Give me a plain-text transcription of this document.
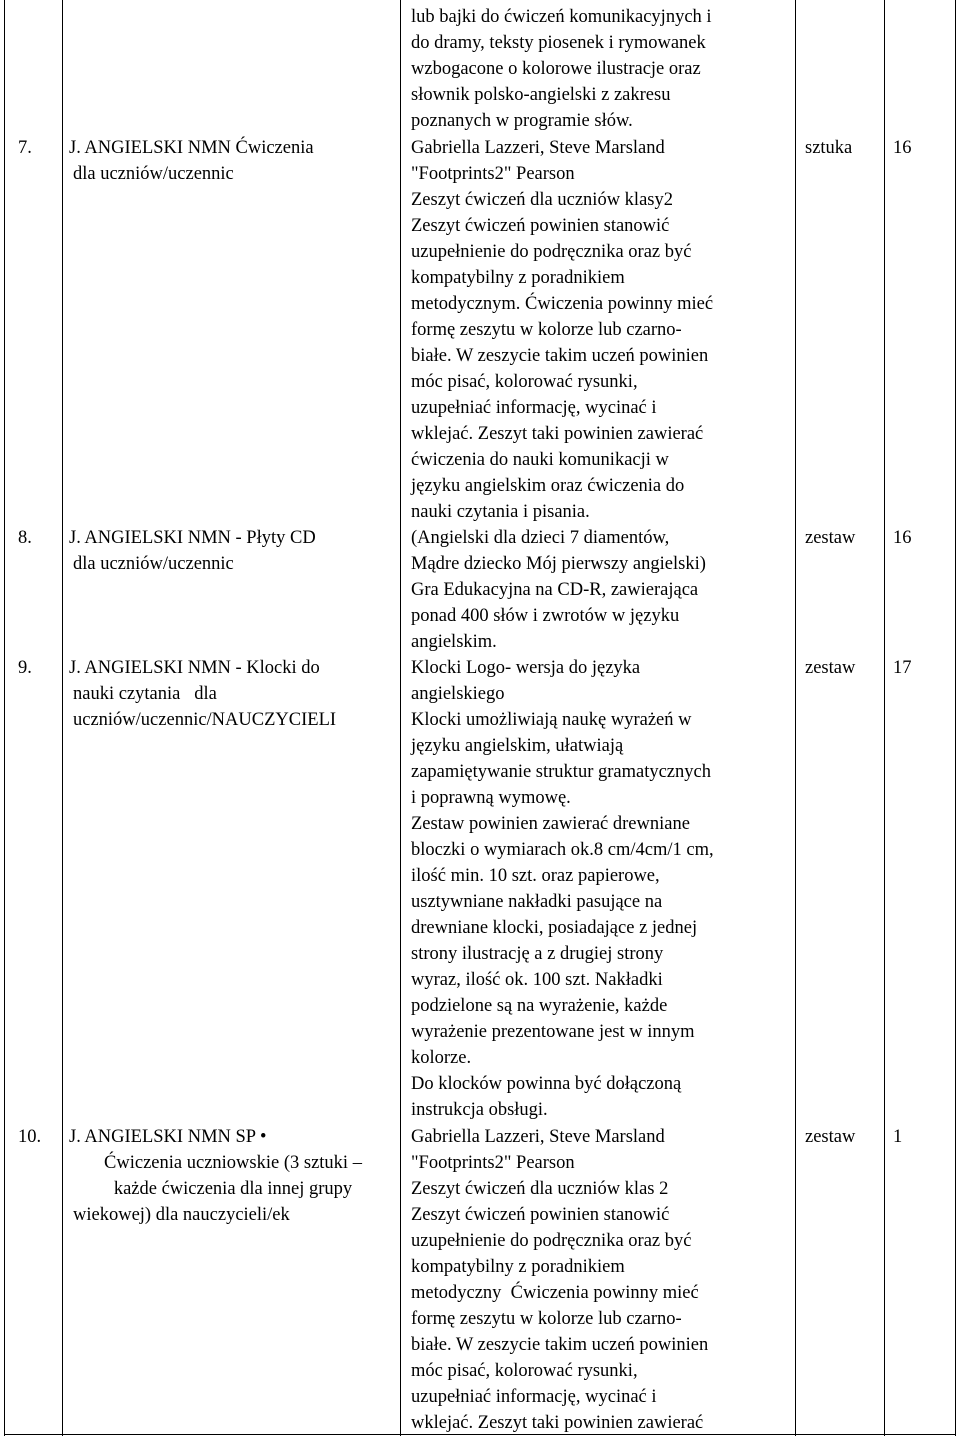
lub bajki do ćwiczeń komunikacyjnych i
do dramy, teksty piosenek i rymowanek
wzbogacone o kolorowe ilustracje oraz
słownik polsko-angielski z zakresu
poznanych w programie słów.
7. J. ANGIELSKI NMN Ćwiczenia
dla uczniów/uczennic
Gabriella Lazzeri, Steve Marsland
"Footprints2" Pearson
Zeszyt ćwiczeń dla uczniów klasy2
Zeszyt ćwiczeń powinien stanowić
uzupełnienie do podręcznika oraz być
kompatybilny z poradnikiem
metodycznym. Ćwiczenia powinny mieć
formę zeszytu w kolorze lub czarno-
białe. W zeszycie takim uczeń powinien
móc pisać, kolorować rysunki,
uzupełniać informację, wycinać i
wklejać. Zeszyt taki powinien zawierać
ćwiczenia do nauki komunikacji w
języku angielskim oraz ćwiczenia do
nauki czytania i pisania.
sztuka 16
8. J. ANGIELSKI NMN - Płyty CD
dla uczniów/uczennic
(Angielski dla dzieci 7 diamentów,
Mądre dziecko Mój pierwszy angielski)
Gra Edukacyjna na CD-R, zawierająca
ponad 400 słów i zwrotów w języku
angielskim.
zestaw 16
9. J. ANGIELSKI NMN - Klocki do
nauki czytania   dla
uczniów/uczennic/NAUCZYCIELI
Klocki Logo- wersja do języka
angielskiego
Klocki umożliwiają naukę wyrażeń w
języku angielskim, ułatwiają
zapamiętywanie struktur gramatycznych
i poprawną wymowę.
Zestaw powinien zawierać drewniane
bloczki o wymiarach ok.8 cm/4cm/1 cm,
ilość min. 10 szt. oraz papierowe,
usztywniane nakładki pasujące na
drewniane klocki, posiadające z jednej
strony ilustrację a z drugiej strony
wyraz, ilość ok. 100 szt. Nakładki
podzielone są na wyrażenie, każde
wyrażenie prezentowane jest w innym
kolorze.
Do klocków powinna być dołączoną
instrukcja obsługi.
zestaw 17
10. J. ANGIELSKI NMN SP •
Ćwiczenia uczniowskie (3 sztuki –
każde ćwiczenia dla innej grupy
wiekowej) dla nauczycieli/ek
Gabriella Lazzeri, Steve Marsland
"Footprints2" Pearson
Zeszyt ćwiczeń dla uczniów klas 2
Zeszyt ćwiczeń powinien stanowić
uzupełnienie do podręcznika oraz być
kompatybilny z poradnikiem
metodyczny  Ćwiczenia powinny mieć
formę zeszytu w kolorze lub czarno-
białe. W zeszycie takim uczeń powinien
móc pisać, kolorować rysunki,
uzupełniać informację, wycinać i
wklejać. Zeszyt taki powinien zawierać
zestaw 1
